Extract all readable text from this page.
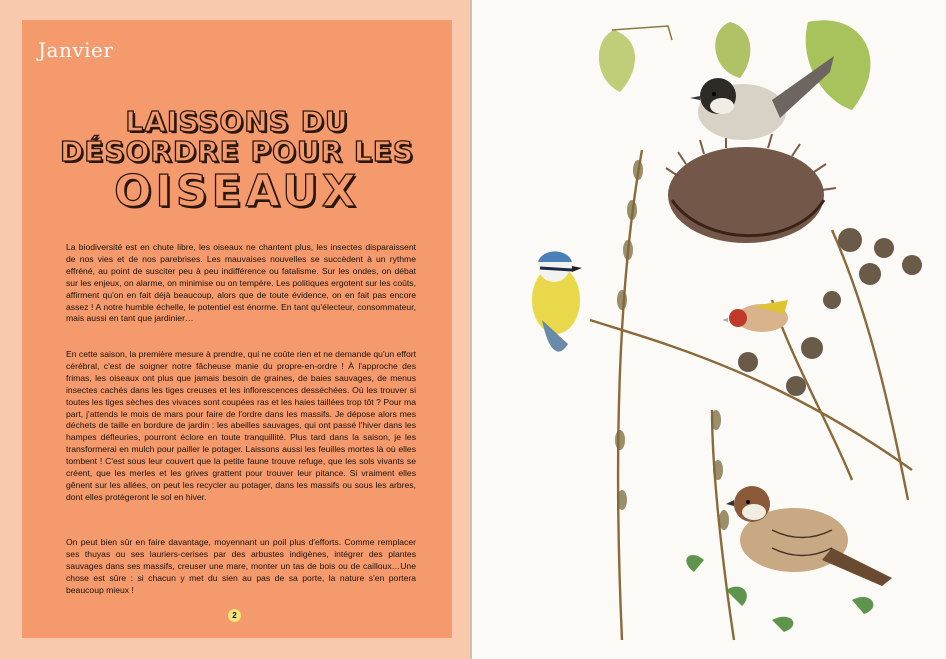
Janvier
LAISSONS DU
DÉSORDRE POUR LES
OISEAUX

La biodiversité est en chute libre, les oiseaux ne chantent plus, les insectes disparaissent de nos vies et de nos parebrises. Les mauvaises nouvelles se succèdent à un rythme effréné, au point de susciter peu à peu indifférence ou fatalisme. Sur les ondes, on débat sur les enjeux, on alarme, on minimise ou on tempère. Les politiques ergotent sur les coûts, affirment qu'on en fait déjà beaucoup, alors que de toute évidence, on en fait pas encore assez ! A notre humble échelle, le potentiel est énorme. En tant qu'électeur, consommateur, mais aussi en tant que jardinier…

En cette saison, la première mesure à prendre, qui ne coûte rien et ne demande qu'un effort cérébral, c'est de soigner notre fâcheuse manie du propre-en-ordre ! À l'approche des frimas, les oiseaux ont plus que jamais besoin de graines, de baies sauvages, de menus insectes cachés dans les tiges creuses et les inflorescences desséchées. Où les trouver si toutes les tiges sèches des vivaces sont coupées ras et les haies taillées trop tôt ? Pour ma part, j'attends le mois de mars pour faire de l'ordre dans les massifs. Je dépose alors mes déchets de taille en bordure de jardin : les abeilles sauvages, qui ont passé l'hiver dans les hampes défleuries, pourront éclore en toute tranquillité. Plus tard dans la saison, je les transformerai en mulch pour pailler le potager. Laissons aussi les feuilles mortes là où elles tombent ! C'est sous leur couvert que la petite faune trouve refuge, que les sols vivants se créent, que les merles et les grives grattent pour trouver leur pitance. Si vraiment elles gênent sur les allées, on peut les recycler au potager, dans les massifs ou sous les arbres, dont elles protègeront le sol en hiver.

On peut bien sûr en faire davantage, moyennant un poil plus d'efforts. Comme remplacer ses thuyas ou ses lauriers-cerises par des arbustes indigènes, intégrer des plantes sauvages dans ses massifs, creuser une mare, monter un tas de bois ou de cailloux…Une chose est sûre : si chacun y met du sien au pas de sa porte, la nature s'en portera beaucoup mieux !

2
